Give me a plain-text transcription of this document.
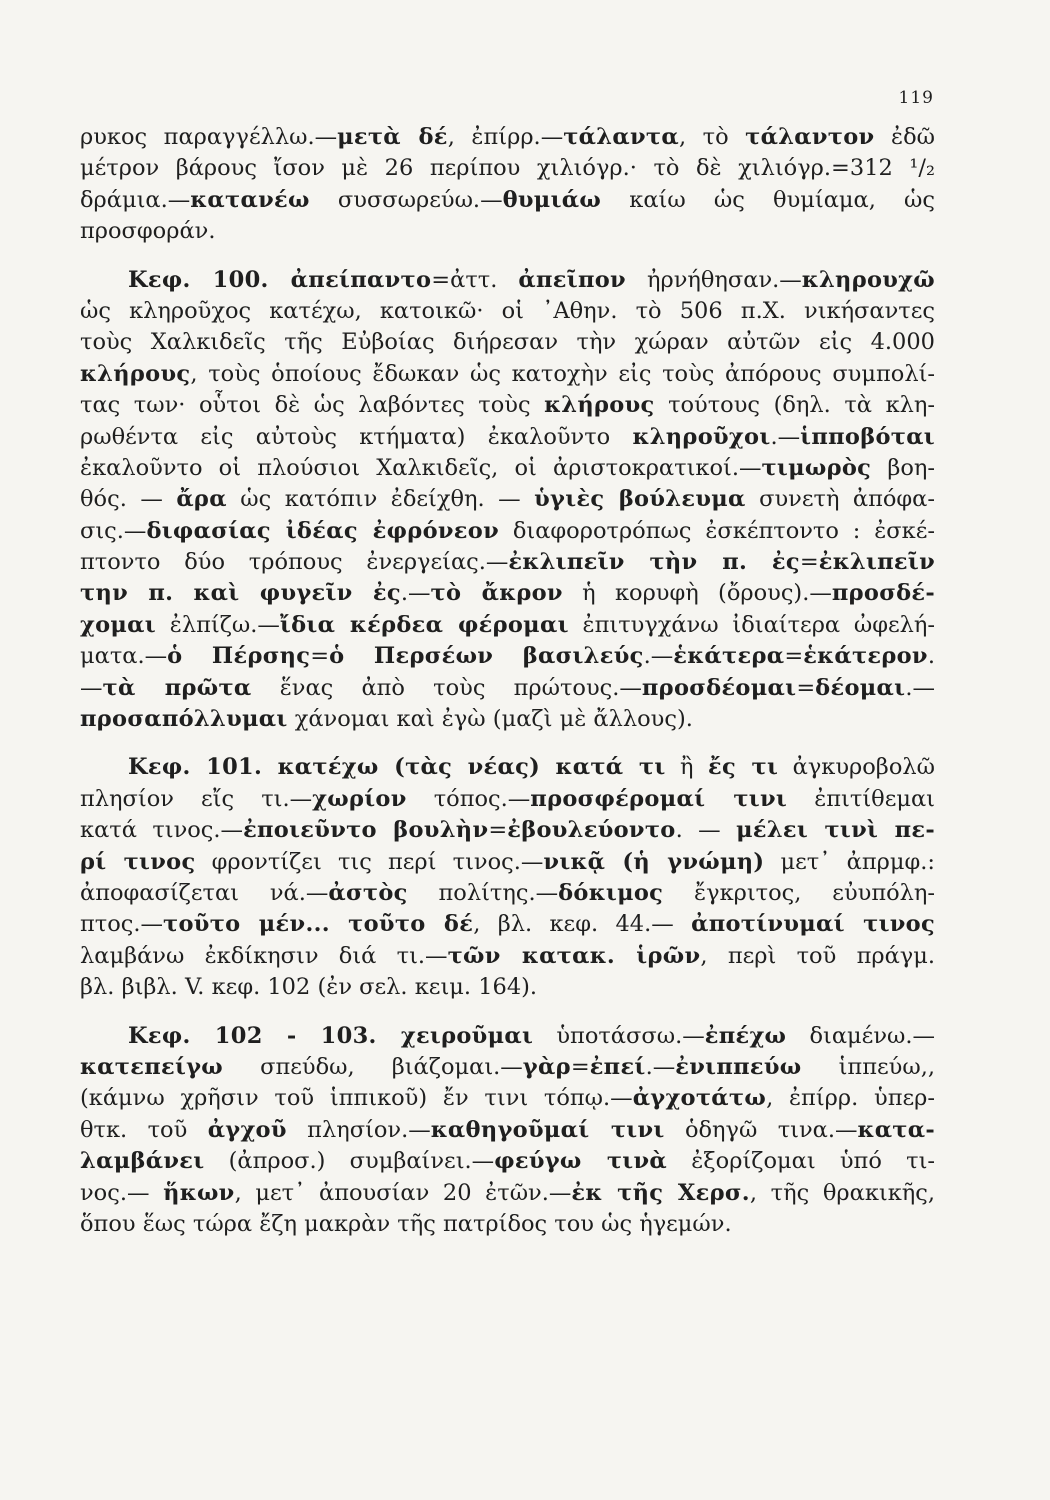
119
ρυκος παραγγέλλω.—μετὰ δέ, ἐπίρρ.—τάλαντα, τὸ τάλαντον ἐδῶ
μέτρον βάρους ἴσον μὲ 26 περίπου χιλιόγρ.· τὸ δὲ χιλιόγρ.=312 ¹/₂
δράμια.—κατανέω συσσωρεύω.—θυμιάω καίω ὡς θυμίαμα, ὡς
προσφοράν.
Κεφ. 100. ἀπείπαντο=ἀττ. ἀπεῖπον ἠρνήθησαν.—κληρουχῶ
ὡς κληροῦχος κατέχω, κατοικῶ· οἱ ᾽Αθην. τὸ 506 π.Χ. νικήσαντες
τοὺς Χαλκιδεῖς τῆς Εὐβοίας διήρεσαν τὴν χώραν αὐτῶν εἰς 4.000
κλήρους, τοὺς ὁποίους ἔδωκαν ὡς κατοχὴν εἰς τοὺς ἀπόρους συμπολί-
τας των· οὗτοι δὲ ὡς λαβόντες τοὺς κλήρους τούτους (δηλ. τὰ κλη-
ρωθέντα εἰς αὐτοὺς κτήματα) ἐκαλοῦντο κληροῦχοι.—ἱπποβόται
ἐκαλοῦντο οἱ πλούσιοι Χαλκιδεῖς, οἱ ἀριστοκρατικοί.—τιμωρὸς βοη-
θός. — ἄρα ὡς κατόπιν ἐδείχθη. — ὑγιὲς βούλευμα συνετὴ ἀπόφα-
σις.—διφασίας ἰδέας ἐφρόνεον διαφοροτρόπως ἐσκέπτοντο : ἐσκέ-
πτοντο δύο τρόπους ἐνεργείας.—ἐκλιπεῖν τὴν π. ἐς=ἐκλιπεῖν
την π. καὶ φυγεῖν ἐς.—τὸ ἄκρον ἡ κορυφὴ (ὄρους).—προσδέ-
χομαι ἐλπίζω.—ἴδια κέρδεα φέρομαι ἐπιτυγχάνω ἰδιαίτερα ὠφελή-
ματα.—ὁ Πέρσης=ὁ Περσέων βασιλεύς.—ἑκάτερα=ἑκάτερον.
—τὰ πρῶτα ἕνας ἀπὸ τοὺς πρώτους.—προσδέομαι=δέομαι.—
προσαπόλλυμαι χάνομαι καὶ ἐγὼ (μαζὶ μὲ ἄλλους).
Κεφ. 101. κατέχω (τὰς νέας) κατά τι ἢ ἔς τι ἀγκυροβολῶ
πλησίον εἴς τι.—χωρίον τόπος.—προσφέρομαί τινι ἐπιτίθεμαι
κατά τινος.—ἐποιεῦντο βουλὴν=ἐβουλεύοντο. — μέλει τινὶ πε-
ρί τινος φροντίζει τις περί τινος.—νικᾷ (ἡ γνώμη) μετ᾽ ἀπρμφ.:
ἀποφασίζεται νά.—ἀστὸς πολίτης.—δόκιμος ἔγκριτος, εὐυπόλη-
πτος.—τοῦτο μέν... τοῦτο δέ, βλ. κεφ. 44.— ἀποτίνυμαί τινος
λαμβάνω ἐκδίκησιν διά τι.—τῶν κατακ. ἱρῶν, περὶ τοῦ πράγμ.
βλ. βιβλ. V. κεφ. 102 (ἐν σελ. κειμ. 164).
Κεφ. 102 - 103. χειροῦμαι ὑποτάσσω.—ἐπέχω διαμένω.—
κατεπείγω σπεύδω, βιάζομαι.—γὰρ=ἐπεί.—ἐνιππεύω ἱππεύω,,
(κάμνω χρῆσιν τοῦ ἱππικοῦ) ἔν τινι τόπῳ.—ἀγχοτάτω, ἐπίρρ. ὑπερ-
θτκ. τοῦ ἀγχοῦ πλησίον.—καθηγοῦμαί τινι ὁδηγῶ τινα.—κατα-
λαμβάνει (ἀπροσ.) συμβαίνει.—φεύγω τινὰ ἐξορίζομαι ὑπό τι-
νος.— ἥκων, μετ᾽ ἀπουσίαν 20 ἐτῶν.—ἐκ τῆς Χερσ., τῆς θρακικῆς,
ὅπου ἕως τώρα ἔζη μακρὰν τῆς πατρίδος του ὡς ἡγεμών.
